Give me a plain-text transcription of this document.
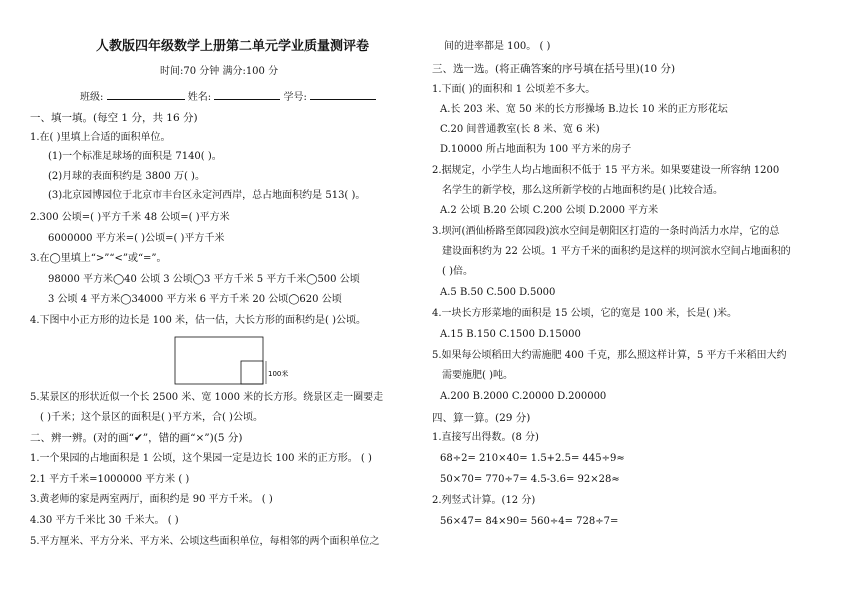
人教版四年级数学上册第二单元学业质量测评卷
时间:70 分钟 满分:100 分
班级:	姓名:	学号:
一、填一填。(每空 1 分，共 16 分)
1.在( )里填上合适的面积单位。
(1)一个标准足球场的面积是 7140( )。
(2)月球的表面积约是 3800 万( )。
(3)北京园博园位于北京市丰台区永定河西岸，总占地面积约是 513( )。
2.300 公顷=( )平方千米 48 公顷=( )平方米
6000000 平方米=( )公顷=( )平方千米
3.在◯里填上“>”“<”或“=”。
98000 平方米◯40 公顷 3 公顷◯3 平方千米 5 平方千米◯500 公顷
3 公顷 4 平方米◯34000 平方米 6 平方千米 20 公顷◯620 公顷
4.下图中小正方形的边长是 100 米，估一估，大长方形的面积约是( )公顷。
100米
5.某景区的形状近似一个长 2500 米、宽 1000 米的长方形。绕景区走一圈要走
( )千米；这个景区的面积是( )平方米，合( )公顷。
二、辨一辨。(对的画“✔”，错的画“×”)(5 分)
1.一个果园的占地面积是 1 公顷，这个果园一定是边长 100 米的正方形。 ( )
2.1 平方千米=1000000 平方米 ( )
3.黄老师的家是两室两厅，面积约是 90 平方千米。 ( )
4.30 平方千米比 30 千米大。 ( )
5.平方厘米、平方分米、平方米、公顷这些面积单位，每相邻的两个面积单位之
间的进率都是 100。 ( )
三、选一选。(将正确答案的序号填在括号里)(10 分)
1.下面( )的面积和 1 公顷差不多大。
A.长 203 米、宽 50 米的长方形操场 B.边长 10 米的正方形花坛
C.20 间普通教室(长 8 米、宽 6 米)
D.10000 所占地面积为 100 平方米的房子
2.据规定，小学生人均占地面积不低于 15 平方米。如果要建设一所容纳 1200
名学生的新学校，那么这所新学校的占地面积约是( )比较合适。
A.2 公顷 B.20 公顷 C.200 公顷 D.2000 平方米
3.坝河(酒仙桥路至郎园段)滨水空间是朝阳区打造的一条时尚活力水岸，它的总
建设面积约为 22 公顷。1 平方千米的面积约是这样的坝河滨水空间占地面积的
( )倍。
A.5 B.50 C.500 D.5000
4.一块长方形菜地的面积是 15 公顷，它的宽是 100 米，长是( )米。
A.15 B.150 C.1500 D.15000
5.如果每公顷稻田大约需施肥 400 千克，那么照这样计算，5 平方千米稻田大约
需要施肥( )吨。
A.200 B.2000 C.20000 D.200000
四、算一算。(29 分)
1.直接写出得数。(8 分)
68÷2= 210×40= 1.5+2.5= 445÷9≈
50×70= 770÷7= 4.5-3.6= 92×28≈
2.列竖式计算。(12 分)
56×47= 84×90= 560÷4= 728÷7=
